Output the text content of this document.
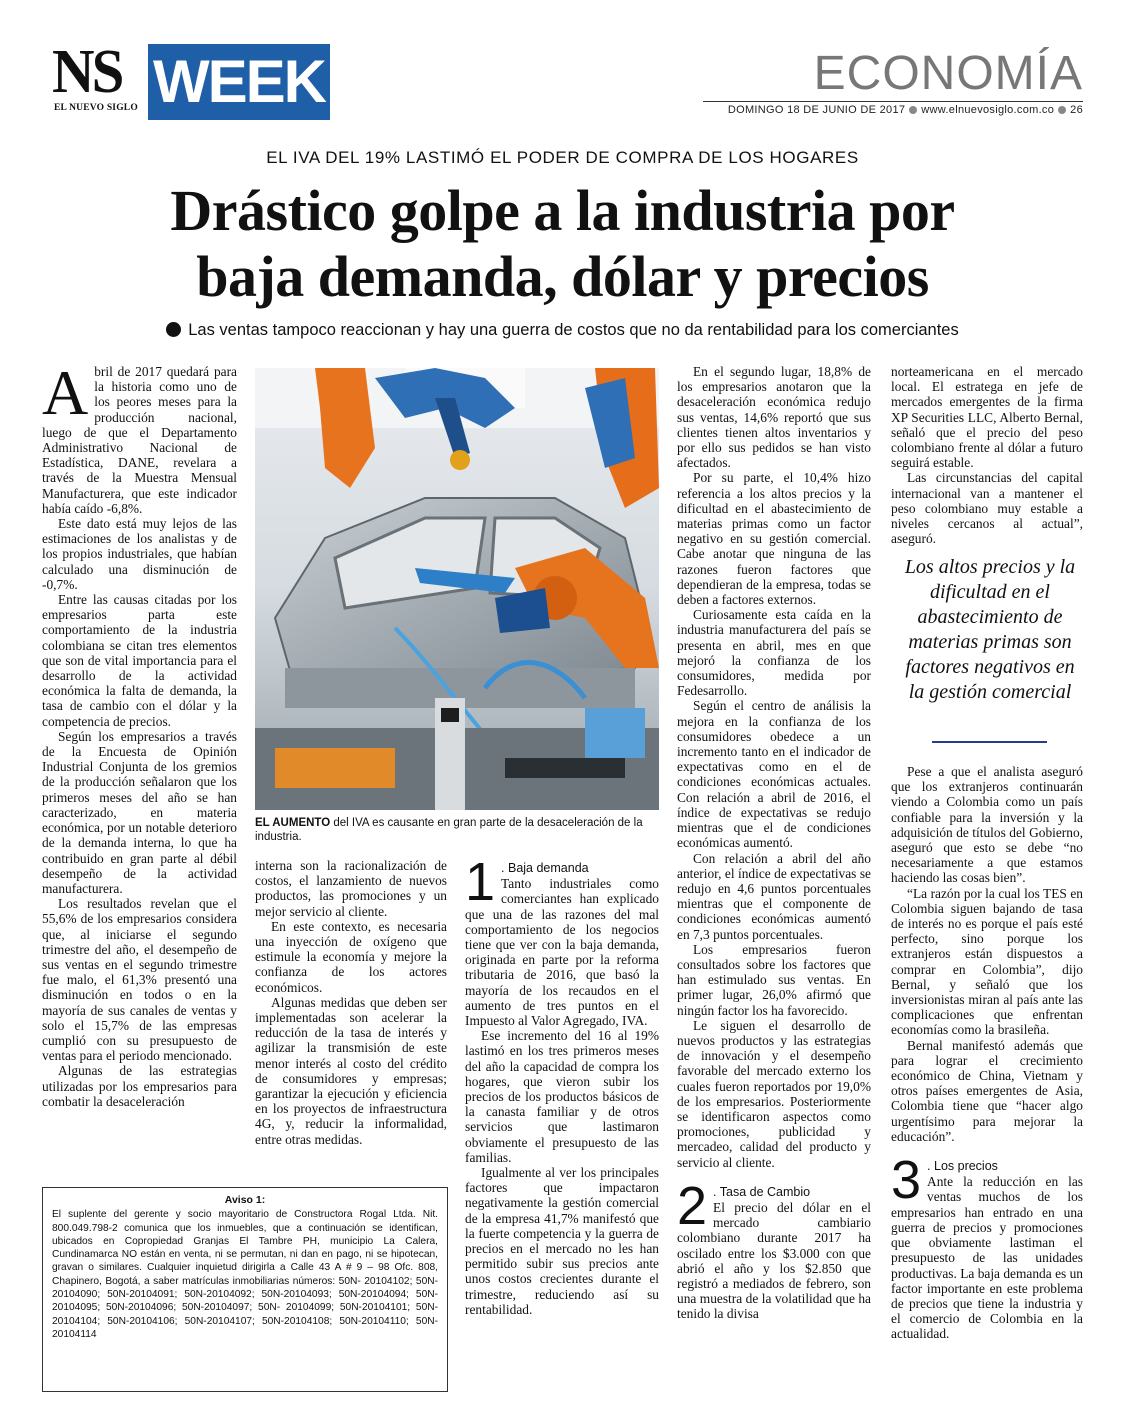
NS
EL NUEVO SIGLO WEEK	ECONOMÍA
DOMINGO 18 DE JUNIO DE 2017 www.elnuevosiglo.com.co 26
EL IVA DEL 19% LASTIMÓ EL PODER DE COMPRA DE LOS HOGARES
Drástico golpe a la industria por
baja demanda, dólar y precios
Las ventas tampoco reaccionan y hay una guerra de costos que no da rentabilidad para los comerciantes

Abril de 2017 quedará para la historia como uno de los peores meses para la producción nacional, luego de que el Departamento Administrativo Nacional de Estadística, DANE, revelara a través de la Muestra Mensual Manufacturera, que este indicador había caído -6,8%.

Este dato está muy lejos de las estimaciones de los analistas y de los propios industriales, que habían calculado una disminución de -0,7%.

Entre las causas citadas por los empresarios parta este comportamiento de la industria colombiana se citan tres elementos que son de vital importancia para el desarrollo de la actividad económica la falta de demanda, la tasa de cambio con el dólar y la competencia de precios.

Según los empresarios a través de la Encuesta de Opinión Industrial Conjunta de los gremios de la producción señalaron que los primeros meses del año se han caracterizado, en materia económica, por un notable deterioro de la demanda interna, lo que ha contribuido en gran parte al débil desempeño de la actividad manufacturera.

Los resultados revelan que el 55,6% de los empresarios considera que, al iniciarse el segundo trimestre del año, el desempeño de sus ventas en el segundo trimestre fue malo, el 61,3% presentó una disminución en todos o en la mayoría de sus canales de ventas y solo el 15,7% de las empresas cumplió con su presupuesto de ventas para el periodo mencionado.

Algunas de las estrategias utilizadas por los empresarios para combatir la desaceleración

EL AUMENTO del IVA es causante en gran parte de la desaceleración de la industria.

interna son la racionalización de costos, el lanzamiento de nuevos productos, las promociones y un mejor servicio al cliente.

En este contexto, es necesaria una inyección de oxígeno que estimule la economía y mejore la confianza de los actores económicos.

Algunas medidas que deben ser implementadas son acelerar la reducción de la tasa de interés y agilizar la transmisión de este menor interés al costo del crédito de consumidores y empresas; garantizar la ejecución y eficiencia en los proyectos de infraestructura 4G, y, reducir la informalidad, entre otras medidas.

Aviso 1:
El suplente del gerente y socio mayoritario de Constructora Rogal Ltda. Nit. 800.049.798-2 comunica que los inmuebles, que a continuación se identifican, ubicados en Copropiedad Granjas El Tambre PH, municipio La Calera, Cundinamarca NO están en venta, ni se permutan, ni dan en pago, ni se hipotecan, gravan o similares. Cualquier inquietud dirigirla a Calle 43 A # 9 – 98 Ofc. 808, Chapinero, Bogotá, a saber matrículas inmobiliarias números: 50N- 20104102; 50N-20104090; 50N-20104091; 50N-20104092; 50N-20104093; 50N-20104094; 50N-20104095; 50N-20104096; 50N-20104097; 50N- 20104099; 50N-20104101; 50N-20104104; 50N-20104106; 50N-20104107; 50N-20104108; 50N-20104110; 50N-20104114

1 . Baja demanda
Tanto industriales como comerciantes han explicado que una de las razones del mal comportamiento de los negocios tiene que ver con la baja demanda, originada en parte por la reforma tributaria de 2016, que basó la mayoría de los recaudos en el aumento de tres puntos en el Impuesto al Valor Agregado, IVA.

Ese incremento del 16 al 19% lastimó en los tres primeros meses del año la capacidad de compra los hogares, que vieron subir los precios de los productos básicos de la canasta familiar y de otros servicios que lastimaron obviamente el presupuesto de las familias.

Igualmente al ver los principales factores que impactaron negativamente la gestión comercial de la empresa 41,7% manifestó que la fuerte competencia y la guerra de precios en el mercado no les han permitido subir sus precios ante unos costos crecientes durante el trimestre, reduciendo así su rentabilidad.

En el segundo lugar, 18,8% de los empresarios anotaron que la desaceleración económica redujo sus ventas, 14,6% reportó que sus clientes tienen altos inventarios y por ello sus pedidos se han visto afectados.

Por su parte, el 10,4% hizo referencia a los altos precios y la dificultad en el abastecimiento de materias primas como un factor negativo en su gestión comercial. Cabe anotar que ninguna de las razones fueron factores que dependieran de la empresa, todas se deben a factores externos.

Curiosamente esta caída en la industria manufacturera del país se presenta en abril, mes en que mejoró la confianza de los consumidores, medida por Fedesarrollo.

Según el centro de análisis la mejora en la confianza de los consumidores obedece a un incremento tanto en el indicador de expectativas como en el de condiciones económicas actuales. Con relación a abril de 2016, el índice de expectativas se redujo mientras que el de condiciones económicas aumentó.

Con relación a abril del año anterior, el índice de expectativas se redujo en 4,6 puntos porcentuales mientras que el componente de condiciones económicas aumentó en 7,3 puntos porcentuales.

Los empresarios fueron consultados sobre los factores que han estimulado sus ventas. En primer lugar, 26,0% afirmó que ningún factor los ha favorecido.

Le siguen el desarrollo de nuevos productos y las estrategias de innovación y el desempeño favorable del mercado externo los cuales fueron reportados por 19,0% de los empresarios. Posteriormente se identificaron aspectos como promociones, publicidad y mercadeo, calidad del producto y servicio al cliente.

2 . Tasa de Cambio
El precio del dólar en el mercado cambiario colombiano durante 2017 ha oscilado entre los $3.000 con que abrió el año y los $2.850 que registró a mediados de febrero, son una muestra de la volatilidad que ha tenido la divisa

norteamericana en el mercado local. El estratega en jefe de mercados emergentes de la firma XP Securities LLC, Alberto Bernal, señaló que el precio del peso colombiano frente al dólar a futuro seguirá estable.

Las circunstancias del capital internacional van a mantener el peso colombiano muy estable a niveles cercanos al actual”, aseguró.

Los altos precios y la dificultad en el abastecimiento de materias primas son factores negativos en la gestión comercial

Pese a que el analista aseguró que los extranjeros continuarán viendo a Colombia como un país confiable para la inversión y la adquisición de títulos del Gobierno, aseguró que esto se debe “no necesariamente a que estamos haciendo las cosas bien”.

“La razón por la cual los TES en Colombia siguen bajando de tasa de interés no es porque el país esté perfecto, sino porque los extranjeros están dispuestos a comprar en Colombia”, dijo Bernal, y señaló que los inversionistas miran al país ante las complicaciones que enfrentan economías como la brasileña.

Bernal manifestó además que para lograr el crecimiento económico de China, Vietnam y otros países emergentes de Asia, Colombia tiene que “hacer algo urgentísimo para mejorar la educación”.

3 . Los precios
Ante la reducción en las ventas muchos de los empresarios han entrado en una guerra de precios y promociones que obviamente lastiman el presupuesto de las unidades productivas. La baja demanda es un factor importante en este problema de precios que tiene la industria y el comercio de Colombia en la actualidad.
